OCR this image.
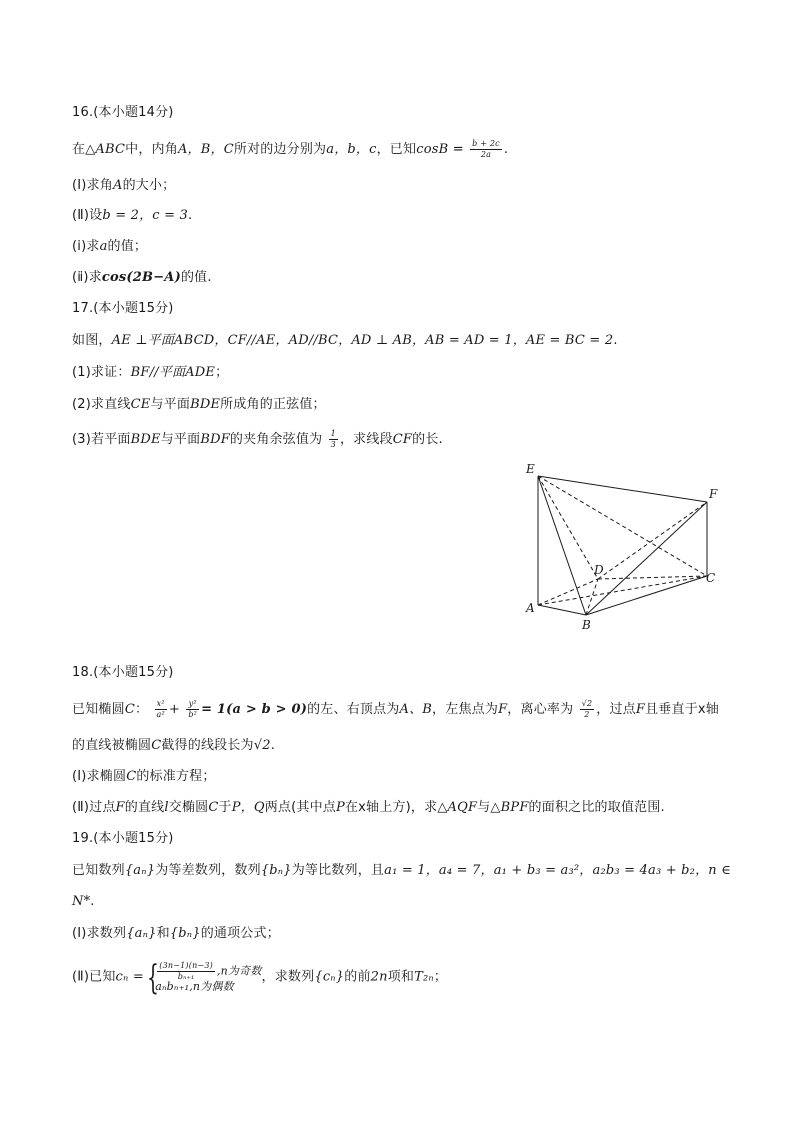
16.(本小题14分)
在△ABC中，内角A，B，C所对的边分别为a，b，c，已知$\cos B = \frac{b + 2c}{2a}$ .
(Ⅰ)求角A的大小；
(Ⅱ)设b = 2，c = 3.
(ⅰ)求a的值；
(ⅱ)求cos(2B−A)的值.
17.(本小题15分)
如图，AE ⊥平面ABCD，CF//AE，AD//BC，AD ⊥ AB，AB = AD = 1，AE = BC = 2.
(1)求证：BF//平面ADE；
(2)求直线CE与平面BDE所成角的正弦值；
(3)若平面BDE与平面BDF的夹角余弦值为 $\frac{1}{3}$ ，求线段CF的长.
E
F
D
C
A
B
18.(本小题15分)
已知椭圆C： $\frac{\text{x²}}{\text{a²}} + \frac{\text{y²}}{\text{b²}} = 1(a > b > 0)$的左、右顶点为A、B，左焦点为F，离心率为 $\frac{√2}{2}$ ，过点F且垂直于x轴
的直线被椭圆C截得的线段长为√2.
(Ⅰ)求椭圆C的标准方程；
(Ⅱ)过点F的直线l交椭圆C于P，Q两点(其中点P在x轴上方)，求△AQF与△BPF的面积之比的取值范围.
19.(本小题15分)
已知数列{aₙ}为等差数列，数列{bₙ}为等比数列，且a₁ = 1，a₄ = 7，a₁ + b₃ = a₃²，a₂b₃ = 4a₃ + b₂，n ∈
N*.
(Ⅰ)求数列{aₙ}和{bₙ}的通项公式；
(Ⅱ)已知cₙ = {
$\frac{(3n-1)(n-3)}{\text{bₙ₊₁}} ,n$为奇数
aₙbₙ₊₁,n为偶数
，求数列{cₙ}的前2n项和T₂ₙ；
